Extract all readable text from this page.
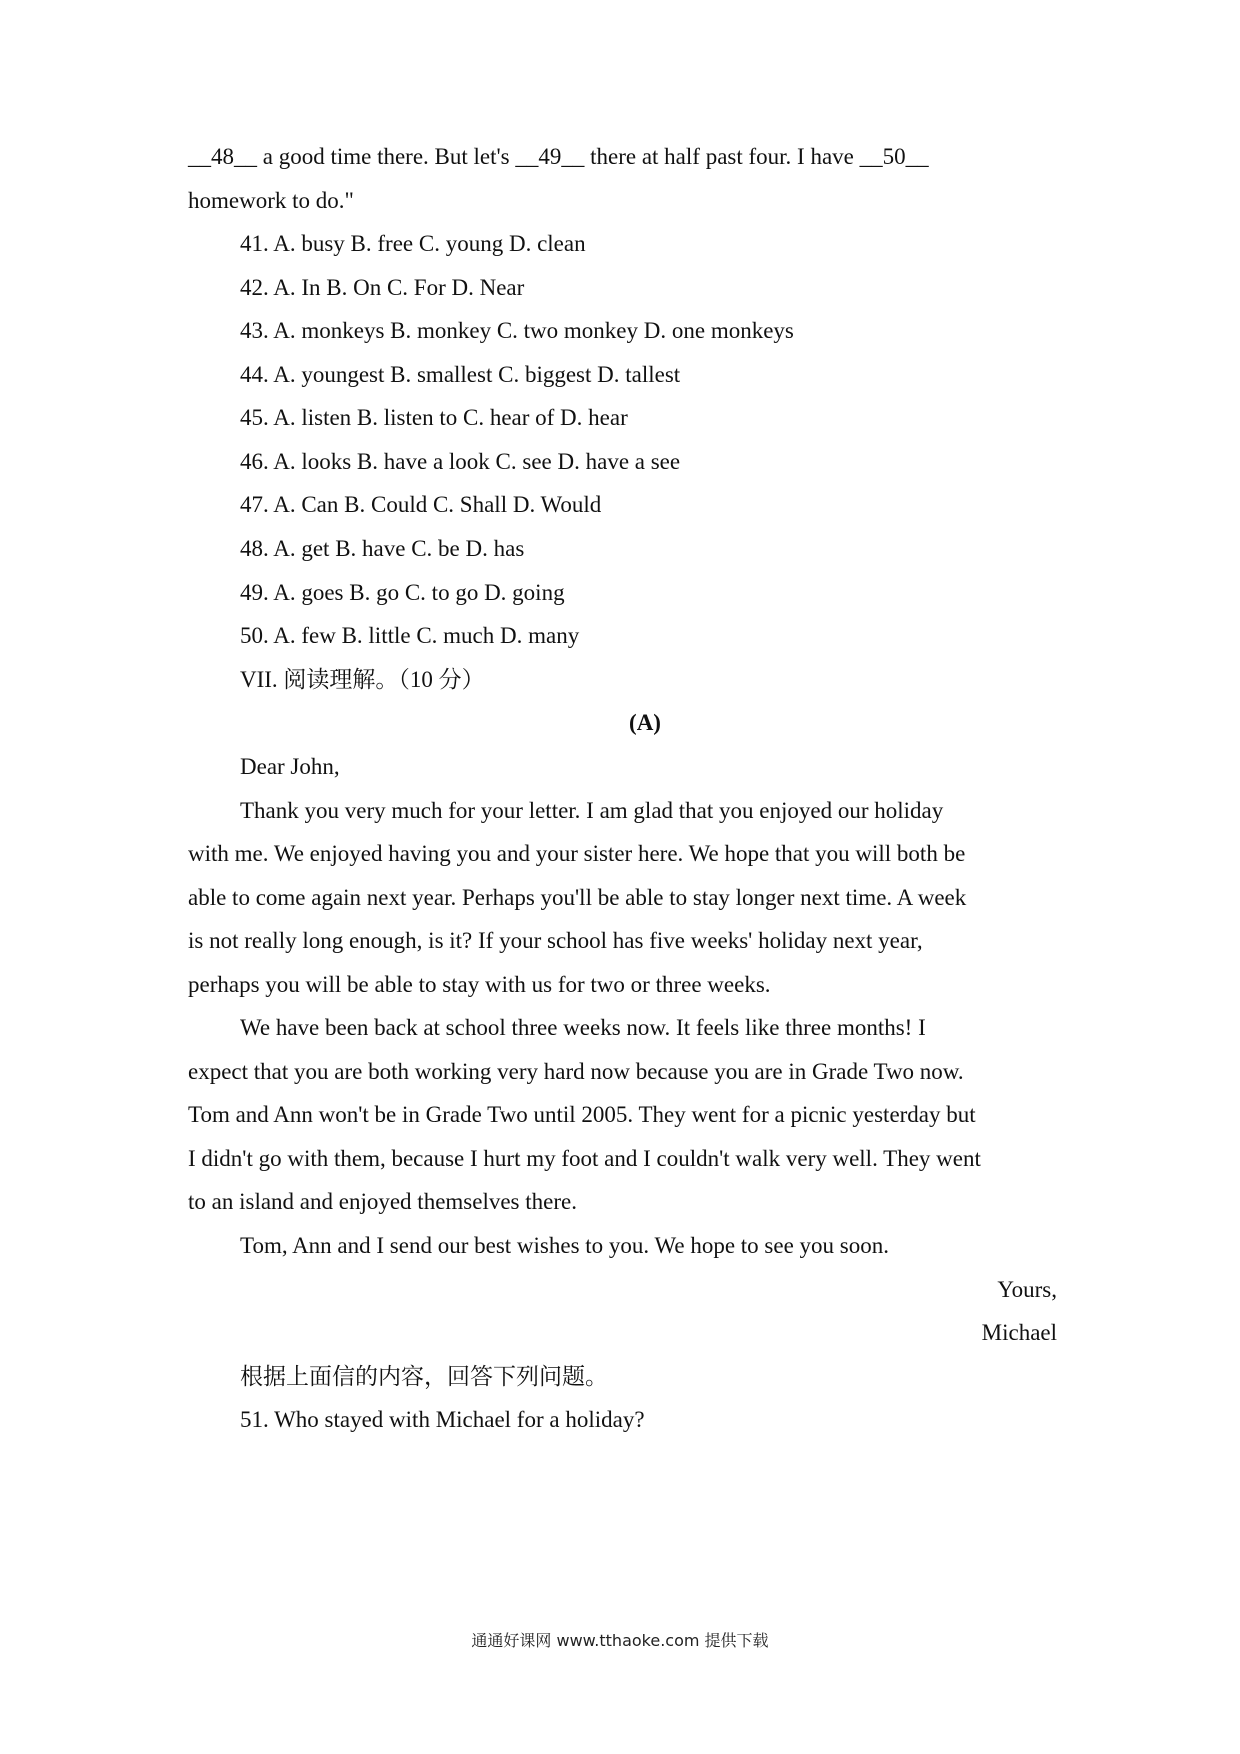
__48__ a good time there. But let's __49__ there at half past four. I have __50__
homework to do."
41. A. busy B. free C. young D. clean
42. A. In B. On C. For D. Near
43. A. monkeys B. monkey C. two monkey D. one monkeys
44. A. youngest B. smallest C. biggest D. tallest
45. A. listen B. listen to C. hear of D. hear
46. A. looks B. have a look C. see D. have a see
47. A. Can B. Could C. Shall D. Would
48. A. get B. have C. be D. has
49. A. goes B. go C. to go D. going
50. A. few B. little C. much D. many
VII. 阅读理解。（10 分）
(A)
Dear John,
Thank you very much for your letter. I am glad that you enjoyed our holiday
with me. We enjoyed having you and your sister here. We hope that you will both be
able to come again next year. Perhaps you'll be able to stay longer next time. A week
is not really long enough, is it? If your school has five weeks' holiday next year,
perhaps you will be able to stay with us for two or three weeks.
We have been back at school three weeks now. It feels like three months! I
expect that you are both working very hard now because you are in Grade Two now.
Tom and Ann won't be in Grade Two until 2005. They went for a picnic yesterday but
I didn't go with them, because I hurt my foot and I couldn't walk very well. They went
to an island and enjoyed themselves there.
Tom, Ann and I send our best wishes to you. We hope to see you soon.
Yours,
Michael
根据上面信的内容，回答下列问题。
51. Who stayed with Michael for a holiday?
通通好课网 www.tthaoke.com 提供下载
